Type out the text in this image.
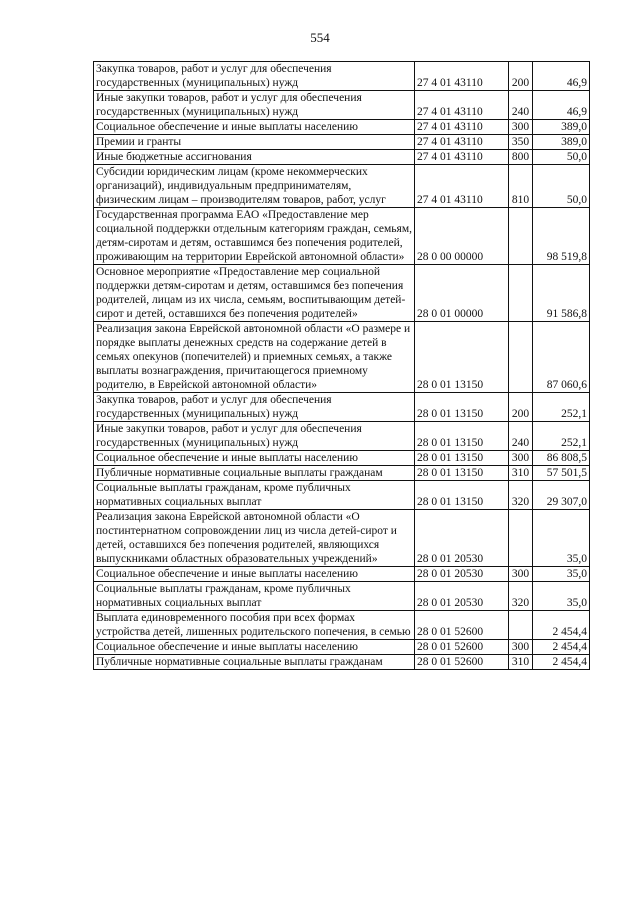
554
Закупка товаров, работ и услуг для обеспечения государственных (муниципальных) нужд	27 4 01 43110	200	46,9
Иные закупки товаров, работ и услуг для обеспечения государственных (муниципальных) нужд	27 4 01 43110	240	46,9
Социальное обеспечение и иные выплаты населению	27 4 01 43110	300	389,0
Премии и гранты	27 4 01 43110	350	389,0
Иные бюджетные ассигнования	27 4 01 43110	800	50,0
Субсидии юридическим лицам (кроме некоммерческих организаций), индивидуальным предпринимателям, физическим лицам – производителям товаров, работ, услуг	27 4 01 43110	810	50,0
Государственная программа ЕАО «Предоставление мер социальной поддержки отдельным категориям граждан, семьям, детям-сиротам и детям, оставшимся без попечения родителей, проживающим на территории Еврейской автономной области»	28 0 00 00000		98 519,8
Основное мероприятие «Предоставление мер социальной поддержки детям-сиротам и детям, оставшимся без попечения родителей, лицам из их числа, семьям, воспитывающим детей-сирот и детей, оставшихся без попечения родителей»	28 0 01 00000		91 586,8
Реализация закона Еврейской автономной области «О размере и порядке выплаты денежных средств на содержание детей в семьях опекунов (попечителей) и приемных семьях, а также выплаты вознаграждения, причитающегося приемному родителю, в Еврейской автономной области»	28 0 01 13150		87 060,6
Закупка товаров, работ и услуг для обеспечения государственных (муниципальных) нужд	28 0 01 13150	200	252,1
Иные закупки товаров, работ и услуг для обеспечения государственных (муниципальных) нужд	28 0 01 13150	240	252,1
Социальное обеспечение и иные выплаты населению	28 0 01 13150	300	86 808,5
Публичные нормативные социальные выплаты гражданам	28 0 01 13150	310	57 501,5
Социальные выплаты гражданам, кроме публичных нормативных социальных выплат	28 0 01 13150	320	29 307,0
Реализация закона Еврейской автономной области «О постинтернатном сопровождении лиц из числа детей-сирот и детей, оставшихся без попечения родителей, являющихся выпускниками областных образовательных учреждений»	28 0 01 20530		35,0
Социальное обеспечение и иные выплаты населению	28 0 01 20530	300	35,0
Социальные выплаты гражданам, кроме публичных нормативных социальных выплат	28 0 01 20530	320	35,0
Выплата единовременного пособия при всех формах устройства детей, лишенных родительского попечения, в семью	28 0 01 52600		2 454,4
Социальное обеспечение и иные выплаты населению	28 0 01 52600	300	2 454,4
Публичные нормативные социальные выплаты гражданам	28 0 01 52600	310	2 454,4
